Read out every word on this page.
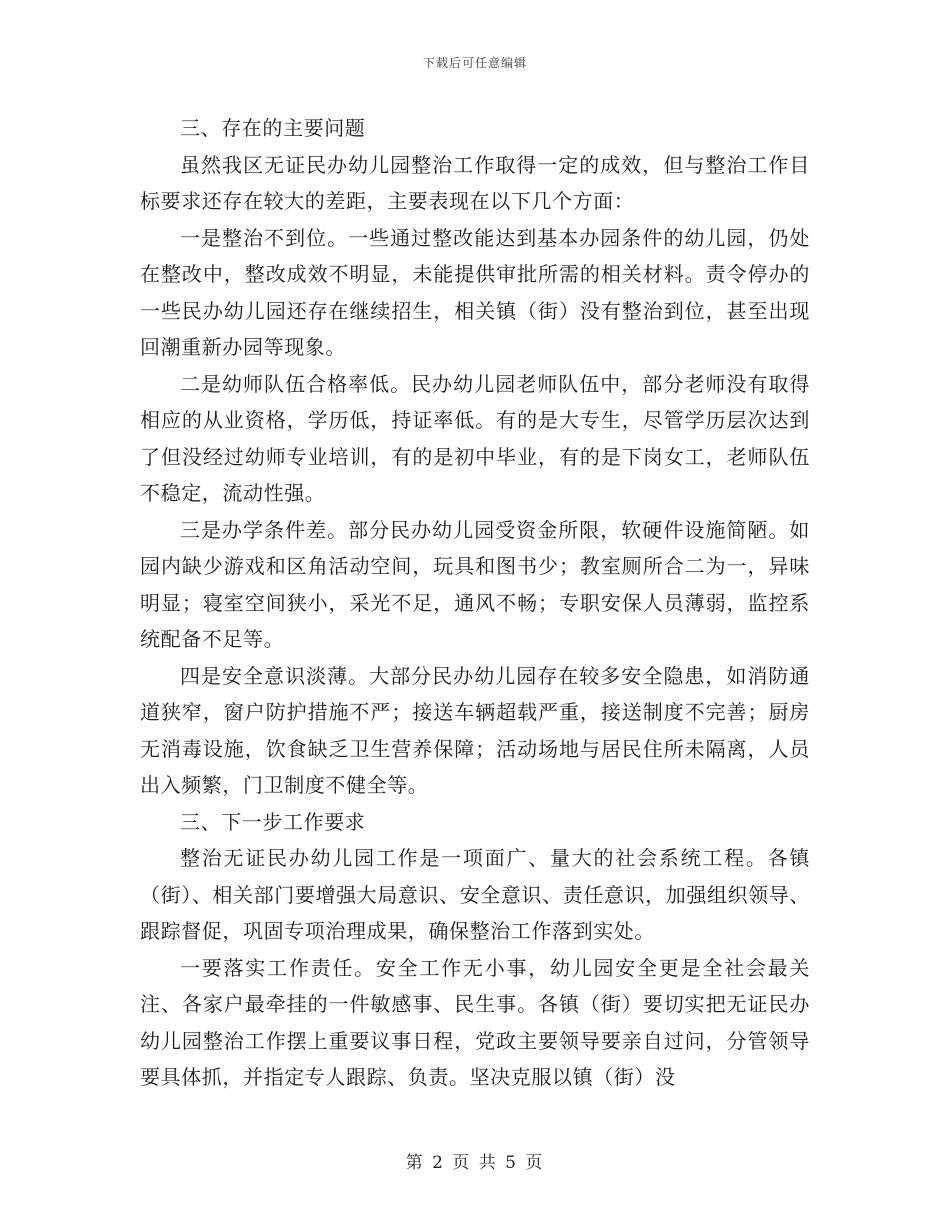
下载后可任意编辑

三、存在的主要问题

虽然我区无证民办幼儿园整治工作取得一定的成效，但与整治工作目标要求还存在较大的差距，主要表现在以下几个方面：

一是整治不到位。一些通过整改能达到基本办园条件的幼儿园，仍处在整改中，整改成效不明显，未能提供审批所需的相关材料。责令停办的一些民办幼儿园还存在继续招生，相关镇（街）没有整治到位，甚至出现回潮重新办园等现象。

二是幼师队伍合格率低。民办幼儿园老师队伍中，部分老师没有取得相应的从业资格，学历低，持证率低。有的是大专生，尽管学历层次达到了但没经过幼师专业培训，有的是初中毕业，有的是下岗女工，老师队伍不稳定，流动性强。

三是办学条件差。部分民办幼儿园受资金所限，软硬件设施简陋。如园内缺少游戏和区角活动空间，玩具和图书少；教室厕所合二为一，异味明显；寝室空间狭小，采光不足，通风不畅；专职安保人员薄弱，监控系统配备不足等。

四是安全意识淡薄。大部分民办幼儿园存在较多安全隐患，如消防通道狭窄，窗户防护措施不严；接送车辆超载严重，接送制度不完善；厨房无消毒设施，饮食缺乏卫生营养保障；活动场地与居民住所未隔离，人员出入频繁，门卫制度不健全等。

三、下一步工作要求

整治无证民办幼儿园工作是一项面广、量大的社会系统工程。各镇（街）、相关部门要增强大局意识、安全意识、责任意识，加强组织领导、跟踪督促，巩固专项治理成果，确保整治工作落到实处。

一要落实工作责任。安全工作无小事，幼儿园安全更是全社会最关注、各家户最牵挂的一件敏感事、民生事。各镇（街）要切实把无证民办幼儿园整治工作摆上重要议事日程，党政主要领导要亲自过问，分管领导要具体抓，并指定专人跟踪、负责。坚决克服以镇（街）没

第 2 页 共 5 页
